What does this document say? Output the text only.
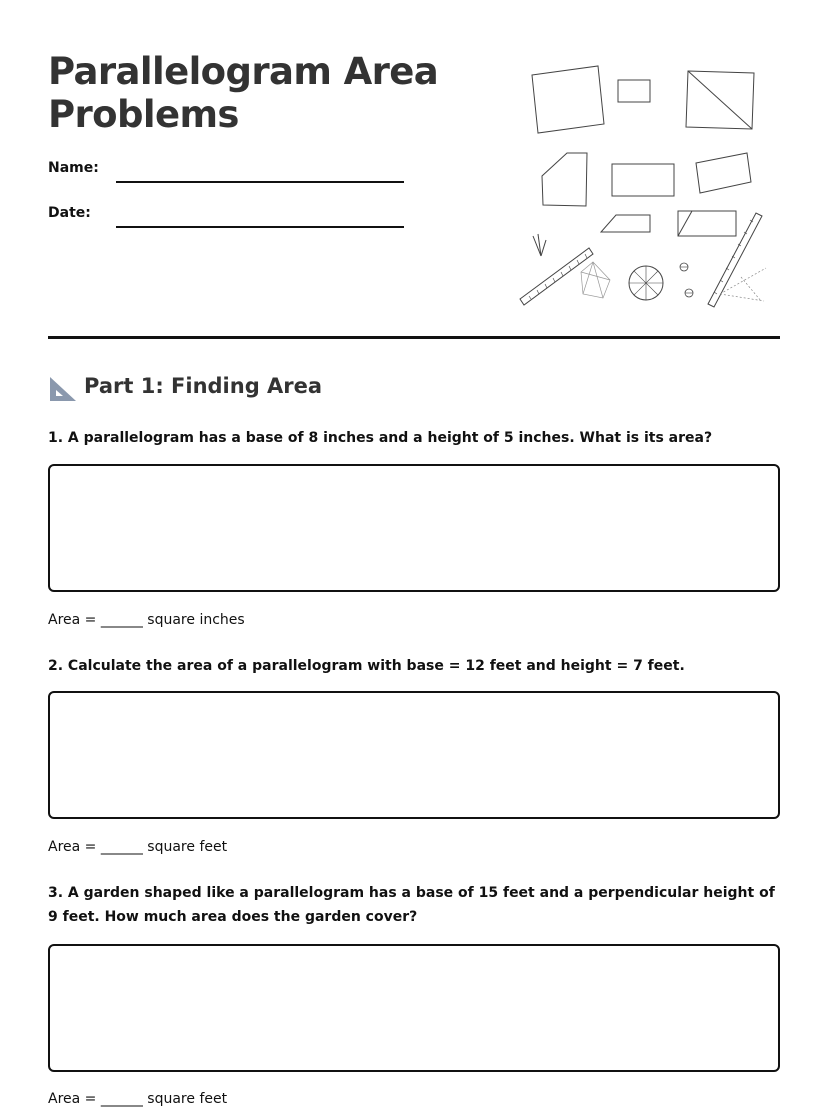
Parallelogram Area Problems
Name:
Date:
Part 1: Finding Area

1. A parallelogram has a base of 8 inches and a height of 5 inches. What is its area?

Area = ______ square inches

2. Calculate the area of a parallelogram with base = 12 feet and height = 7 feet.

Area = ______ square feet

3. A garden shaped like a parallelogram has a base of 15 feet and a perpendicular height of 9 feet. How much area does the garden cover?

Area = ______ square feet
